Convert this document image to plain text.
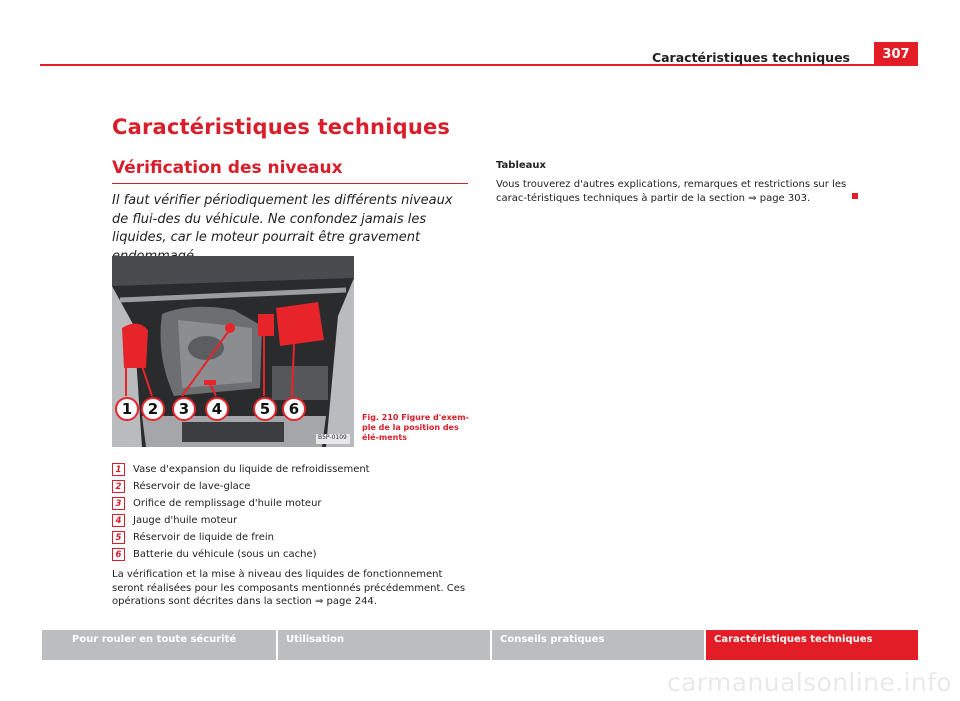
Caractéristiques techniques	307
Caractéristiques techniques
Vérification des niveaux
Il faut vérifier périodiquement les différents niveaux de flui-des du véhicule. Ne confondez jamais les liquides, car le moteur pourrait être gravement
1	2	3	4	5	6
B5P-0109
Fig. 210 Figure d'exem-ple de la position des élé-ments
1	Vase d'expansion du liquide de refroidissement
2	Réservoir de lave-glace
3	Orifice de remplissage d'huile moteur
4	Jauge d'huile moteur
5	Réservoir de liquide de frein
6	Batterie du véhicule (sous un cache)
La vérification et la mise à niveau des liquides de fonctionnement seront réalisées pour les composants mentionnés précédemment. Ces opérations sont décrites dans la section ⇒ page 244.
Tableaux
Vous trouverez d'autres explications, remarques et restrictions sur les carac-téristiques techniques à partir de la section ⇒ page 303.
Pour rouler en toute sécurité	Utilisation	Conseils pratiques	Caractéristiques techniques
carmanualsonline.info
